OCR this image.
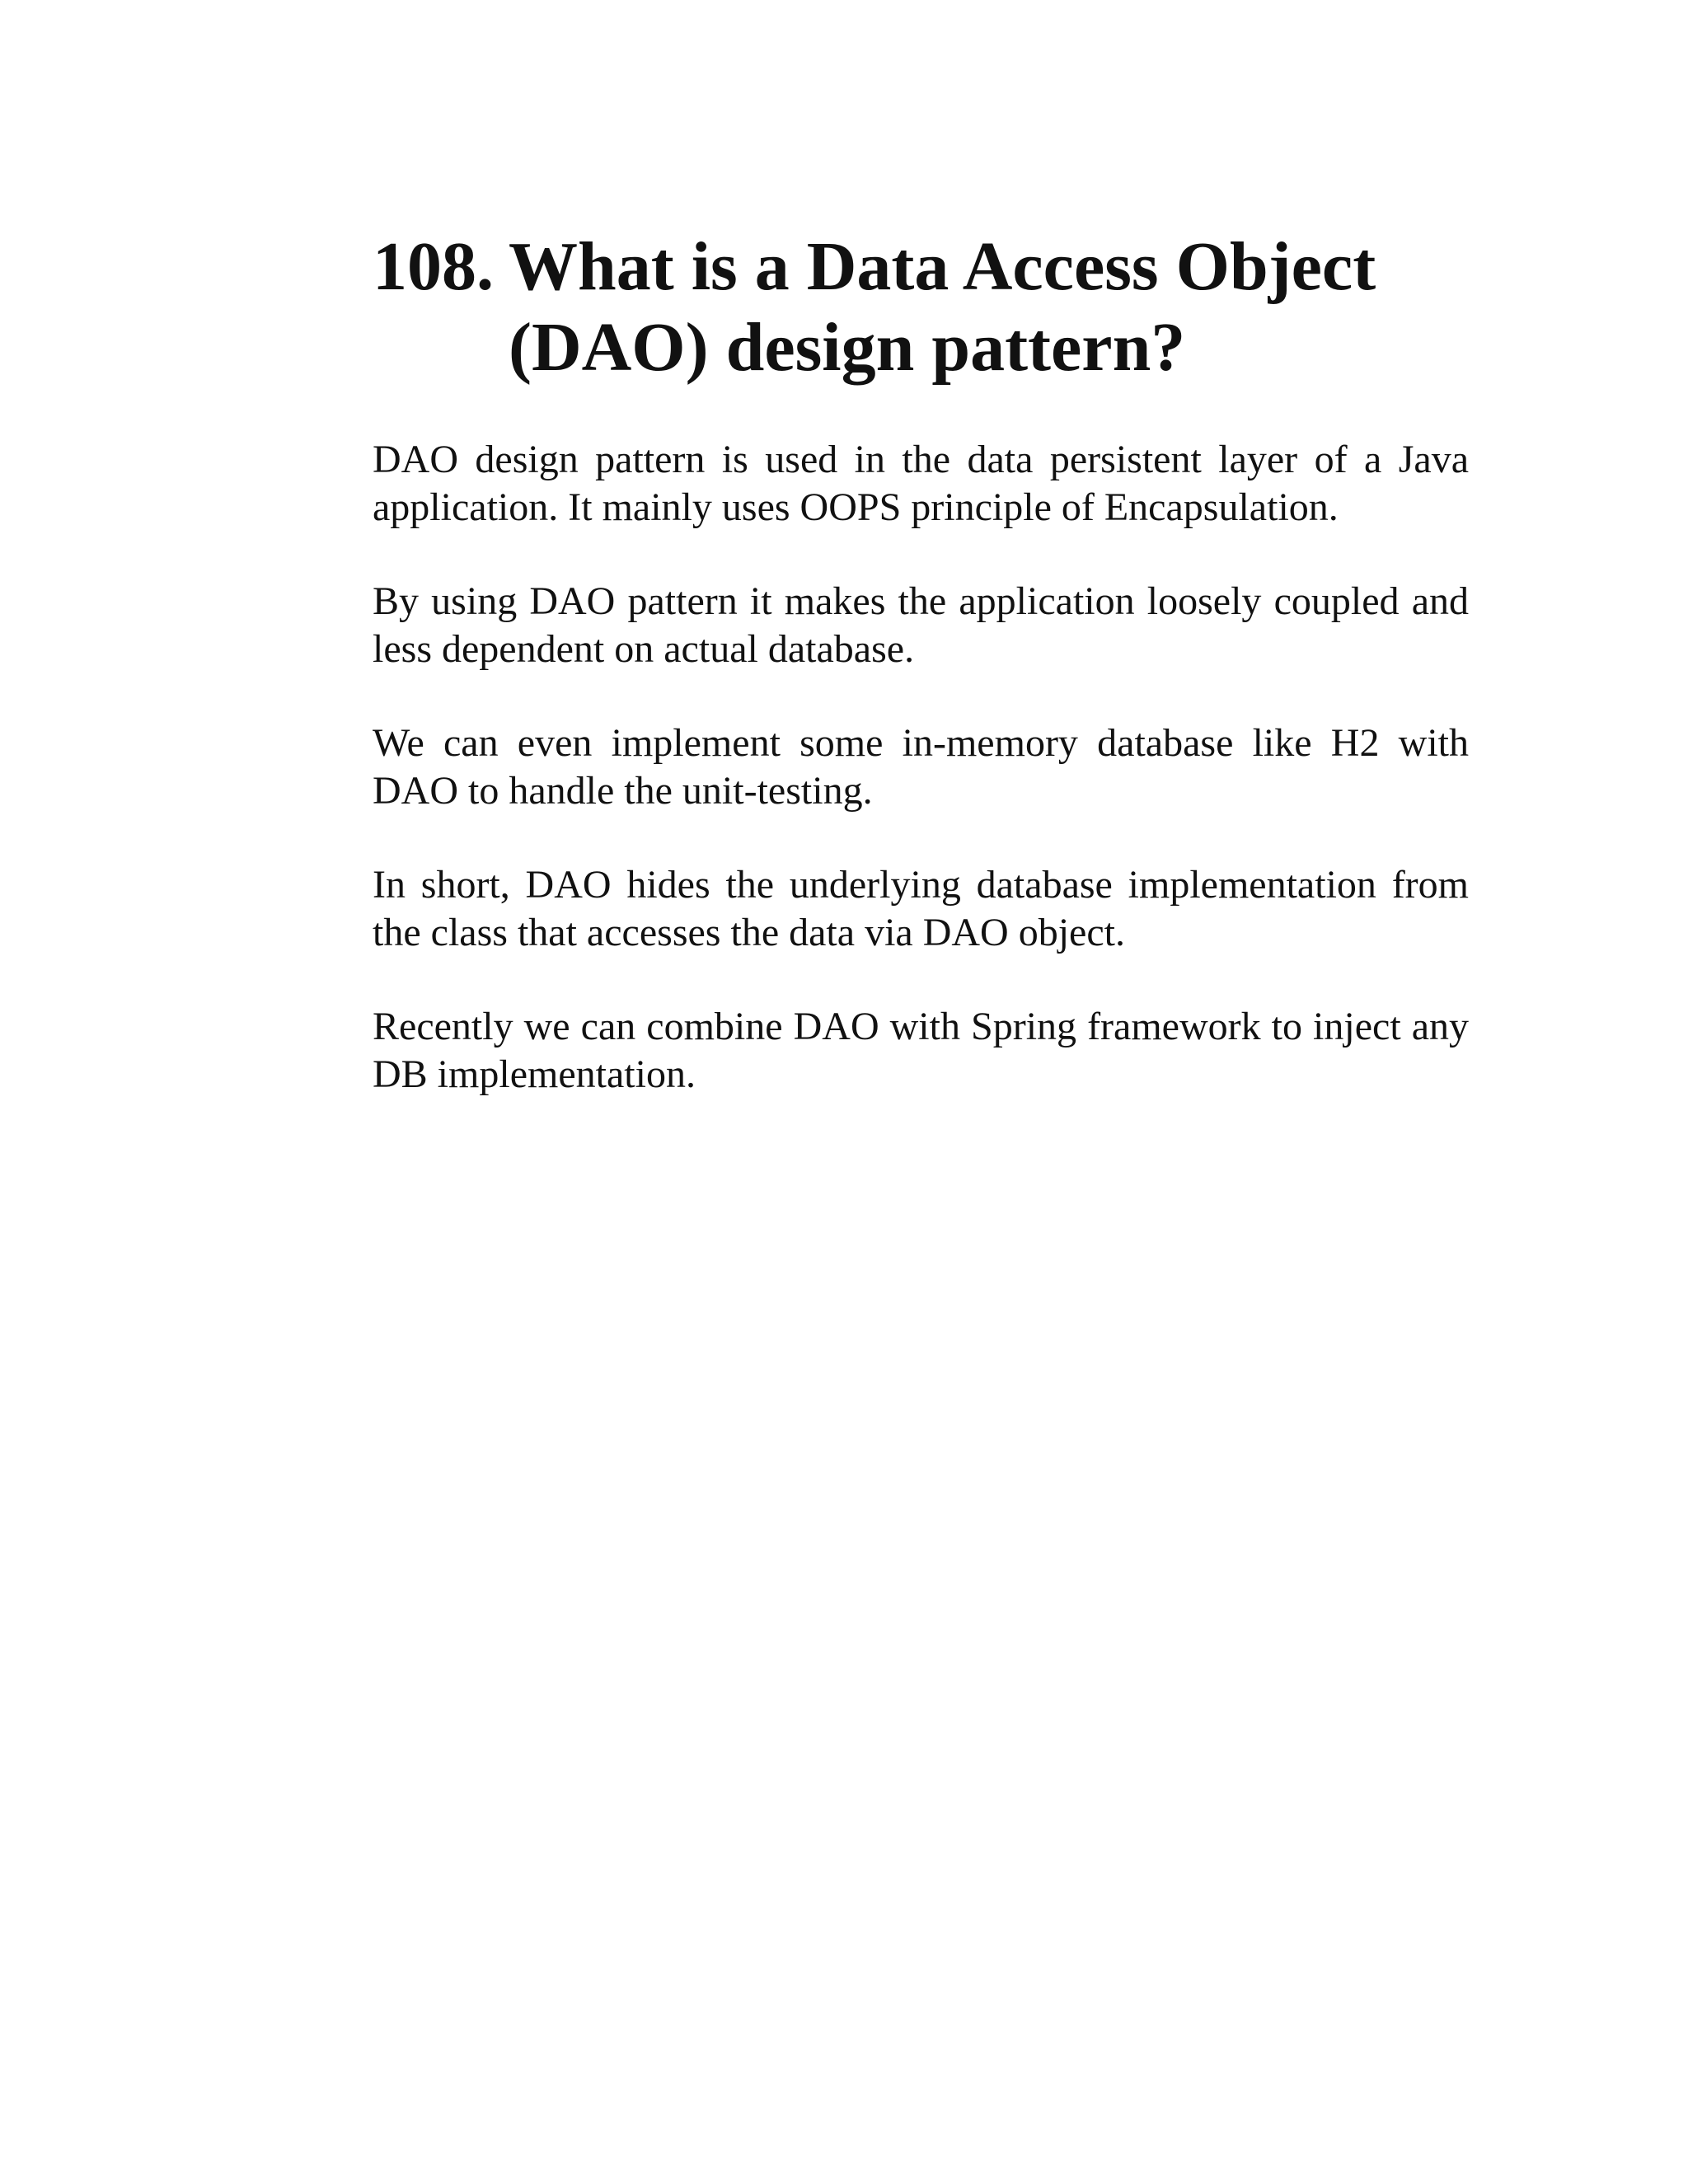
108. What is a Data Access Object (DAO) design pattern?

DAO design pattern is used in the data persistent layer of a Java application. It mainly uses OOPS principle of Encapsulation.

By using DAO pattern it makes the application loosely coupled and less dependent on actual database.

We can even implement some in-memory database like H2 with DAO to handle the unit-testing.

In short, DAO hides the underlying database implementation from the class that accesses the data via DAO object.

Recently we can combine DAO with Spring framework to inject any DB implementation.
